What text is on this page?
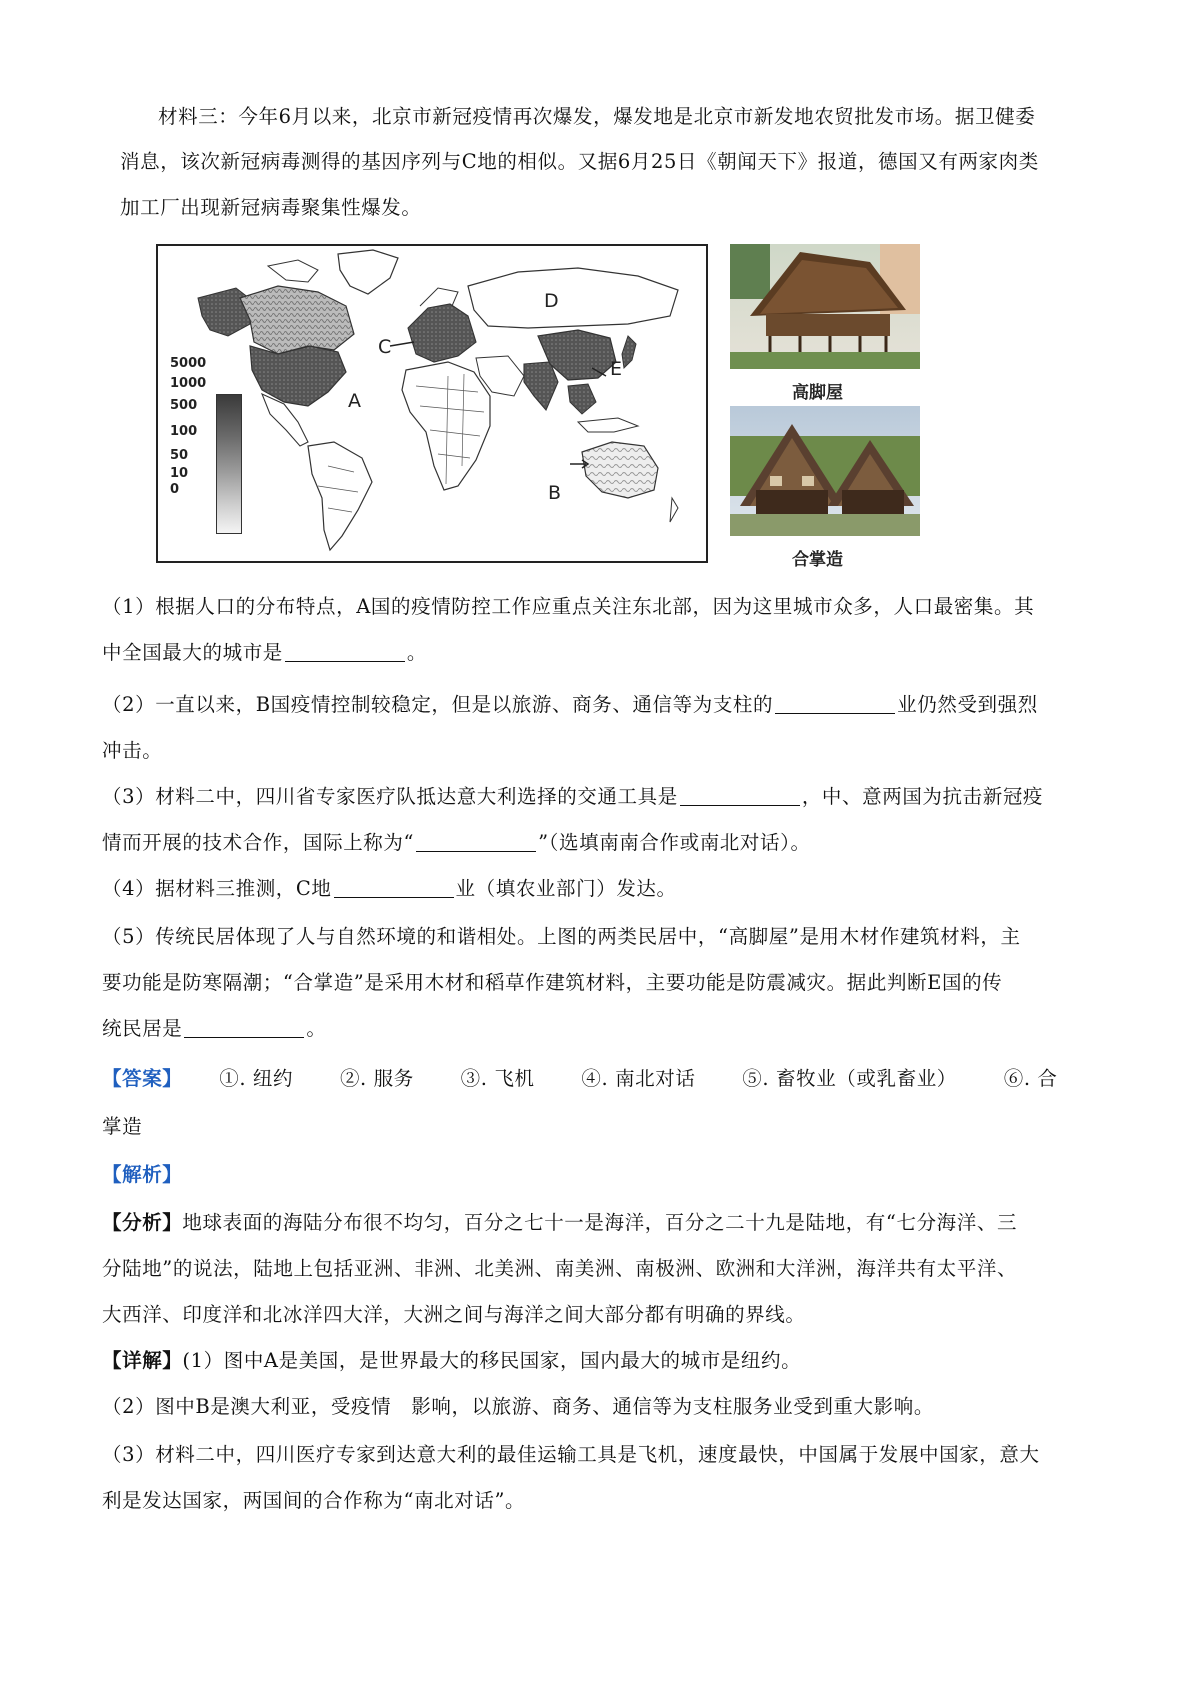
材料三：今年6月以来，北京市新冠疫情再次爆发，爆发地是北京市新发地农贸批发市场。据卫健委
消息，该次新冠病毒测得的基因序列与C地的相似。又据6月25日《朝闻天下》报道，德国又有两家肉类
加工厂出现新冠病毒聚集性爆发。
5000
1000
500
100
50
10
0
A
B
C
D
E
高脚屋
合掌造
（1）根据人口的分布特点，A国的疫情防控工作应重点关注东北部，因为这里城市众多，人口最密集。其
中全国最大的城市是	。
（2）一直以来，B国疫情控制较稳定，但是以旅游、商务、通信等为支柱的	业仍然受到强烈
冲击。
（3）材料二中，四川省专家医疗队抵达意大利选择的交通工具是	，中、意两国为抗击新冠疫
情而开展的技术合作，国际上称为“	”（选填南南合作或南北对话）。
（4）据材料三推测，C地	业（填农业部门）发达。
（5）传统民居体现了人与自然环境的和谐相处。上图的两类民居中，“高脚屋”是用木材作建筑材料，主
要功能是防寒隔潮；“合掌造”是采用木材和稻草作建筑材料，主要功能是防震减灾。据此判断E国的传
统民居是	。
【答案】 ①. 纽约 ②. 服务 ③. 飞机 ④. 南北对话 ⑤. 畜牧业（或乳畜业） ⑥. 合
掌造
【解析】
【分析】地球表面的海陆分布很不均匀，百分之七十一是海洋，百分之二十九是陆地，有“七分海洋、三
分陆地”的说法，陆地上包括亚洲、非洲、北美洲、南美洲、南极洲、欧洲和大洋洲，海洋共有太平洋、
大西洋、印度洋和北冰洋四大洋，大洲之间与海洋之间大部分都有明确的界线。
【详解】(1）图中A是美国，是世界最大的移民国家，国内最大的城市是纽约。
（2）图中B是澳大利亚，受疫情　影响，以旅游、商务、通信等为支柱服务业受到重大影响。
（3）材料二中，四川医疗专家到达意大利的最佳运输工具是飞机，速度最快，中国属于发展中国家，意大
利是发达国家，两国间的合作称为“南北对话”。
